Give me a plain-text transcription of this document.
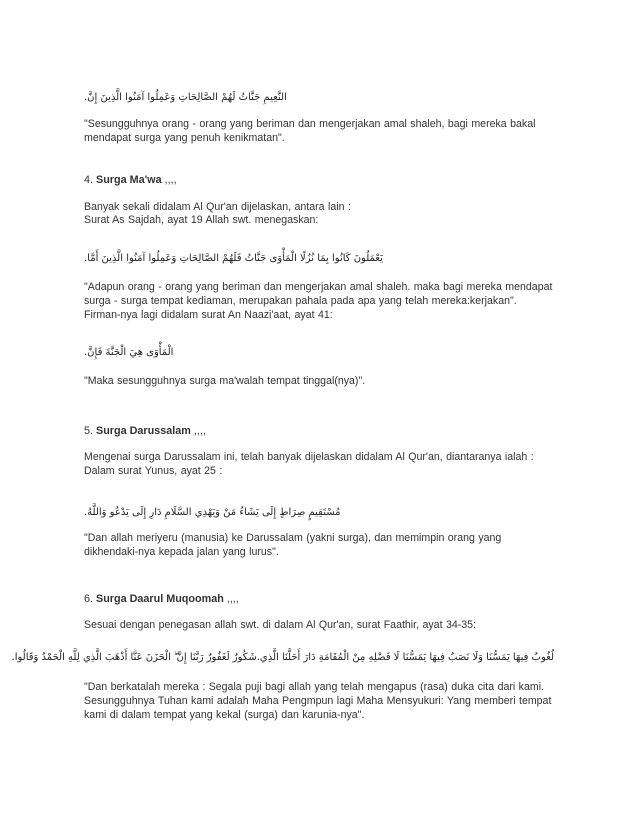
النَّعِيمِ جَنَّاتُ لَهُمْ الصَّالِحَاتِ وَعَمِلُوا آمَنُوا الَّذِينَ إِنَّ.

"Sesungguhnya orang - orang yang beriman dan mengerjakan amal shaleh, bagi mereka bakal mendapat surga yang penuh kenikmatan".

4. Surga Ma'wa ,,,,

Banyak sekali didalam Al Qur'an dijelaskan, antara lain :

Surat As Sajdah, ayat 19 Allah swt. menegaskan:

يَعْمَلُونَ كَانُوا بِمَا نُزُلًا الْمَأْوَى جَنَّاتُ فَلَهُمْ الصَّالِحَاتِ وَعَمِلُوا آمَنُوا الَّذِينَ أَمَّا.

"Adapun orang - orang yang beriman dan mengerjakan amal shaleh. maka bagi mereka mendapat surga - surga tempat kediaman, merupakan pahala pada apa yang telah mereka:kerjakan".

Firman-nya lagi didalam surat An Naazi'aat, ayat 41:

الْمَأْوَى هِيَ الْجَنَّةَ فَإِنَّ.

"Maka sesungguhnya surga ma'walah tempat tinggal(nya)".

5. Surga Darussalam ,,,,

Mengenai surga Darussalam ini, telah banyak dijelaskan didalam Al Qur'an, diantaranya ialah : Dalam surat Yunus, ayat 25 :

مُسْتَقِيمٍ صِرَاطٍ إِلَى يَشَاءُ مَنْ وَيَهْدِي السَّلَامِ دَارِ إِلَى يَدْعُو وَاللَّهُ.

"Dan allah meriyeru (manusia) ke Darussalam (yakni surga), dan memimpin orang yang dikhendaki-nya kepada jalan yang lurus".

6. Surga Daarul Muqoomah ,,,,

Sesuai dengan penegasan allah swt. di dalam Al Qur'an, surat Faathir, ayat 34-35:

لُغُوبٌ فِيهَا يَمَسُّنَا وَلَا نَصَبٌ فِيهَا يَمَسُّنَا لَا فَضْلِهِ مِنْ الْمُقَامَةِ دَارَ أَحَلَّنَا الَّذِي.شَكُورٌ لَغَفُورٌ رَبَّنَا إِنَّ ۖ الْحَزَنَ عَنَّا أَذْهَبَ الَّذِي لِلَّهِ الْحَمْدُ وَقَالُوا.

"Dan berkatalah mereka : Segala puji bagi allah yang telah mengapus (rasa) duka cita dari kami. Sesungguhnya Tuhan kami adalah Maha Pengmpun lagi Maha Mensyukuri: Yang memberi tempat kami di dalam tempat yang kekal (surga) dan karunia-nya".
